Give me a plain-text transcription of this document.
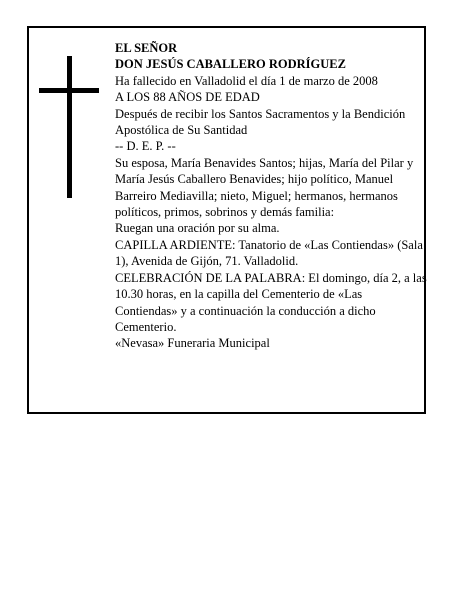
EL SEÑOR

DON JESÚS CABALLERO RODRÍGUEZ

Ha fallecido en Valladolid el día 1 de marzo de 2008

A LOS 88 AÑOS DE EDAD

Después de recibir los Santos Sacramentos y la Bendición Apostólica de Su Santidad

-- D. E. P. --

Su esposa, María Benavides Santos; hijas, María del Pilar y María Jesús Caballero Benavides; hijo político, Manuel Barreiro Mediavilla; nieto, Miguel; hermanos, hermanos políticos, primos, sobrinos y demás familia:

Ruegan una oración por su alma.

CAPILLA ARDIENTE: Tanatorio de «Las Contiendas» (Sala 1), Avenida de Gijón, 71. Valladolid.

CELEBRACIÓN DE LA PALABRA: El domingo, día 2, a las 10.30 horas, en la capilla del Cementerio de «Las Contiendas» y a continuación la conducción a dicho Cementerio.

«Nevasa» Funeraria Municipal
